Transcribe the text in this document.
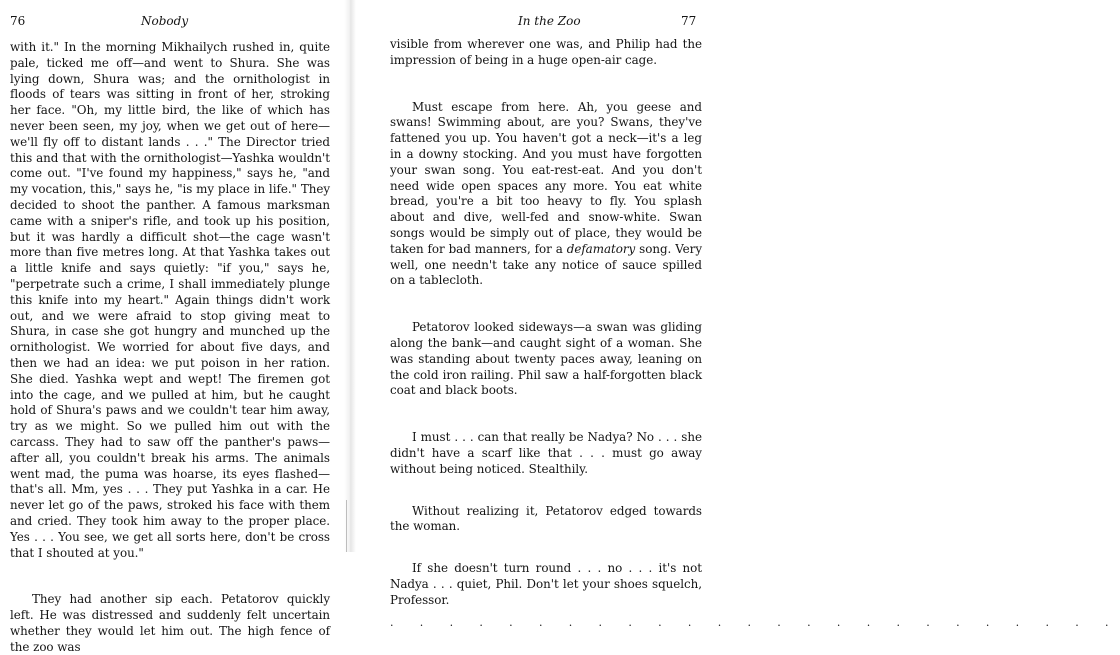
76	Nobody

with it." In the morning Mikhailych rushed in, quite pale, ticked me off—and went to Shura. She was lying down, Shura was; and the ornithologist in floods of tears was sitting in front of her, stroking her face. "Oh, my little bird, the like of which has never been seen, my joy, when we get out of here—we'll fly off to distant lands . . ." The Director tried this and that with the ornithologist—Yashka wouldn't come out. "I've found my happiness," says he, "and my vocation, this," says he, "is my place in life." They decided to shoot the panther. A famous marksman came with a sniper's rifle, and took up his position, but it was hardly a difficult shot—the cage wasn't more than five metres long. At that Yashka takes out a little knife and says quietly: "if you," says he, "perpetrate such a crime, I shall immediately plunge this knife into my heart." Again things didn't work out, and we were afraid to stop giving meat to Shura, in case she got hungry and munched up the ornithologist. We worried for about five days, and then we had an idea: we put poison in her ration. She died. Yashka wept and wept! The firemen got into the cage, and we pulled at him, but he caught hold of Shura's paws and we couldn't tear him away, try as we might. So we pulled him out with the carcass. They had to saw off the panther's paws—after all, you couldn't break his arms. The animals went mad, the puma was hoarse, its eyes flashed—that's all. Mm, yes . . . They put Yashka in a car. He never let go of the paws, stroked his face with them and cried. They took him away to the proper place. Yes . . . You see, we get all sorts here, don't be cross that I shouted at you."

They had another sip each. Petatorov quickly left. He was distressed and suddenly felt uncertain whether they would let him out. The high fence of the zoo was

In the Zoo	77

visible from wherever one was, and Philip had the impression of being in a huge open-air cage.

Must escape from here. Ah, you geese and swans! Swimming about, are you? Swans, they've fattened you up. You haven't got a neck—it's a leg in a downy stocking. And you must have forgotten your swan song. You eat-rest-eat. And you don't need wide open spaces any more. You eat white bread, you're a bit too heavy to fly. You splash about and dive, well-fed and snow-white. Swan songs would be simply out of place, they would be taken for bad manners, for a defamatory song. Very well, one needn't take any notice of sauce spilled on a tablecloth.

Petatorov looked sideways—a swan was gliding along the bank—and caught sight of a woman. She was standing about twenty paces away, leaning on the cold iron railing. Phil saw a half-forgotten black coat and black boots.

I must . . . can that really be Nadya? No . . . she didn't have a scarf like that . . . must go away without being noticed. Stealthily.

Without realizing it, Petatorov edged towards the woman.

If she doesn't turn round . . . no . . . it's not Nadya . . . quiet, Phil. Don't let your shoes squelch, Professor.

. . . . . . . . . . . . . . . . . . . . . . . . .
